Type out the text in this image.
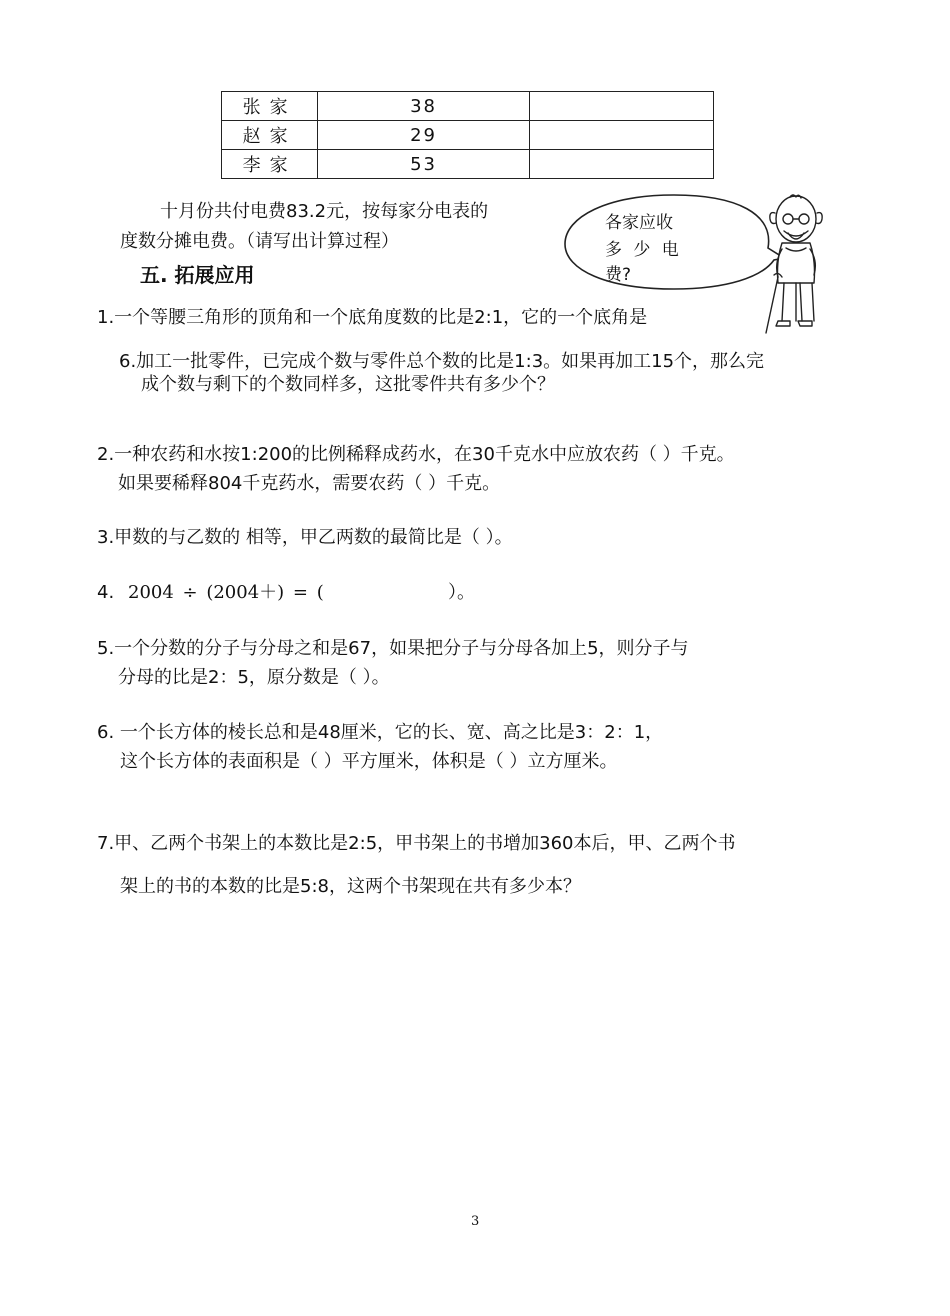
张家	38	
赵家	29	
李家	53	
十月份共付电费83.2元，按每家分电表的
度数分摊电费。（请写出计算过程）
各家应收
多 少 电
费?
五. 拓展应用
1.一个等腰三角形的顶角和一个底角度数的比是2:1，它的一个底角是
6.加工一批零件，已完成个数与零件总个数的比是1:3。如果再加工15个，那么完
成个数与剩下的个数同样多，这批零件共有多少个？
2.一种农药和水按1:200的比例稀释成药水，在30千克水中应放农药（ ）千克。
如果要稀释804千克药水，需要农药（ ）千克。
3.甲数的与乙数的 相等，甲乙两数的最简比是（ ）。
4. 2004 ÷ (2004＋) = (	）。
5.一个分数的分子与分母之和是67，如果把分子与分母各加上5，则分子与
分母的比是2：5，原分数是（ ）。
6. 一个长方体的棱长总和是48厘米，它的长、宽、高之比是3：2：1，
这个长方体的表面积是（ ）平方厘米，体积是（ ）立方厘米。
7.甲、乙两个书架上的本数比是2:5，甲书架上的书增加360本后，甲、乙两个书
架上的书的本数的比是5:8，这两个书架现在共有多少本？
3
